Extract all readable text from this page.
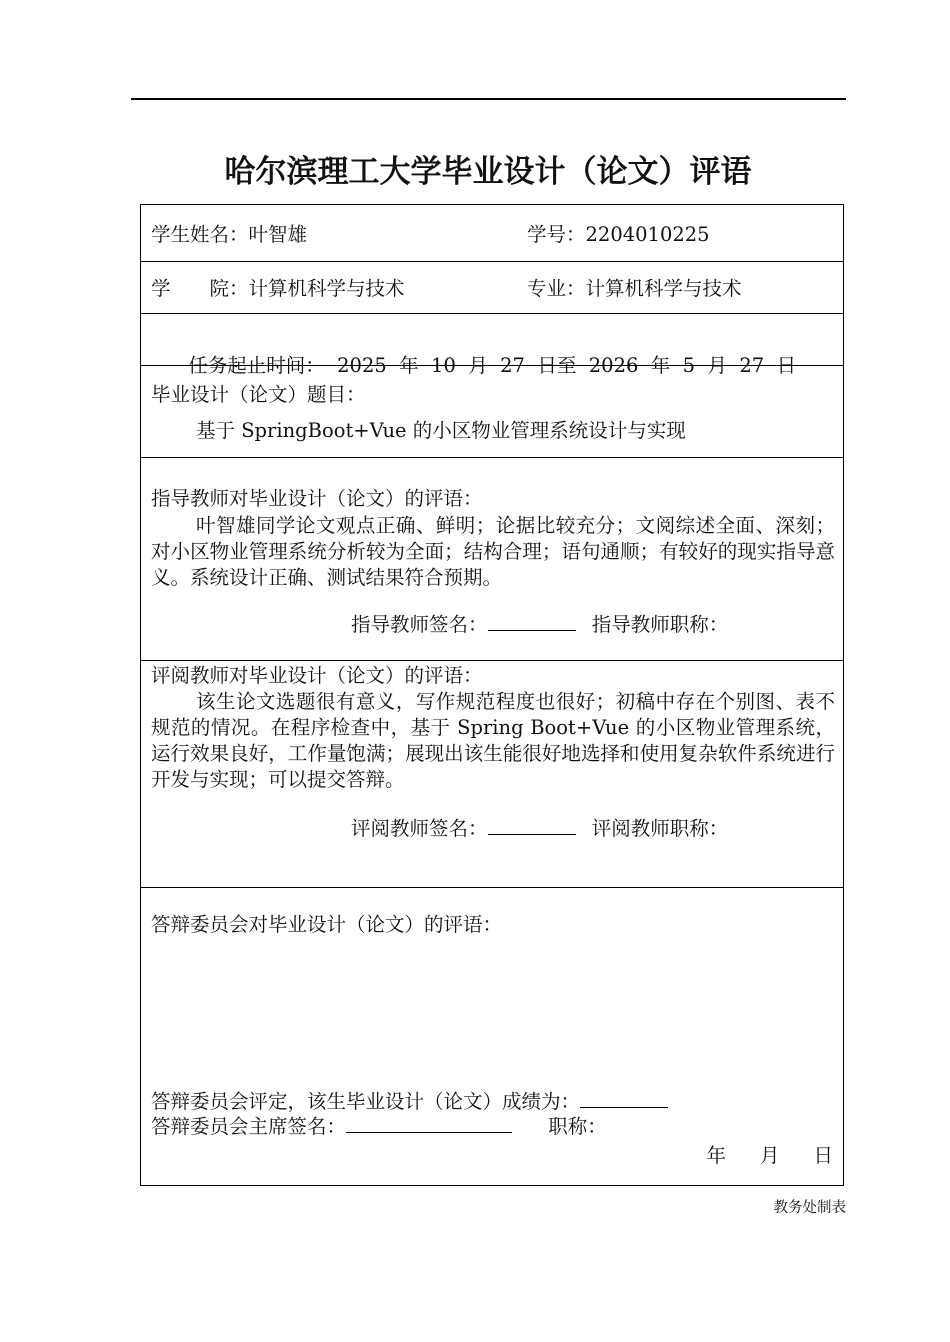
哈尔滨理工大学毕业设计（论文）评语
学生姓名：叶智雄	学号：2204010225
学　　院：计算机科学与技术	专业：计算机科学与技术

任务起止时间： 2025  年  10  月  27  日至  2026  年  5  月  27  日

毕业设计（论文）题目：
基于 SpringBoot+Vue 的小区物业管理系统设计与实现
指导教师对毕业设计（论文）的评语：
叶智雄同学论文观点正确、鲜明；论据比较充分；文阅综述全面、深刻；对小区物业管理系统分析较为全面；结构合理；语句通顺；有较好的现实指导意义。系统设计正确、测试结果符合预期。
指导教师签名：	指导教师职称：
评阅教师对毕业设计（论文）的评语：
该生论文选题很有意义，写作规范程度也很好；初稿中存在个别图、表不规范的情况。在程序检查中，基于 Spring Boot+Vue 的小区物业管理系统，运行效果良好，工作量饱满；展现出该生能很好地选择和使用复杂软件系统进行开发与实现；可以提交答辩。
评阅教师签名：	评阅教师职称：
答辩委员会对毕业设计（论文）的评语：
答辩委员会评定，该生毕业设计（论文）成绩为：
答辩委员会主席签名：	职称：
年 月 日
教务处制表
